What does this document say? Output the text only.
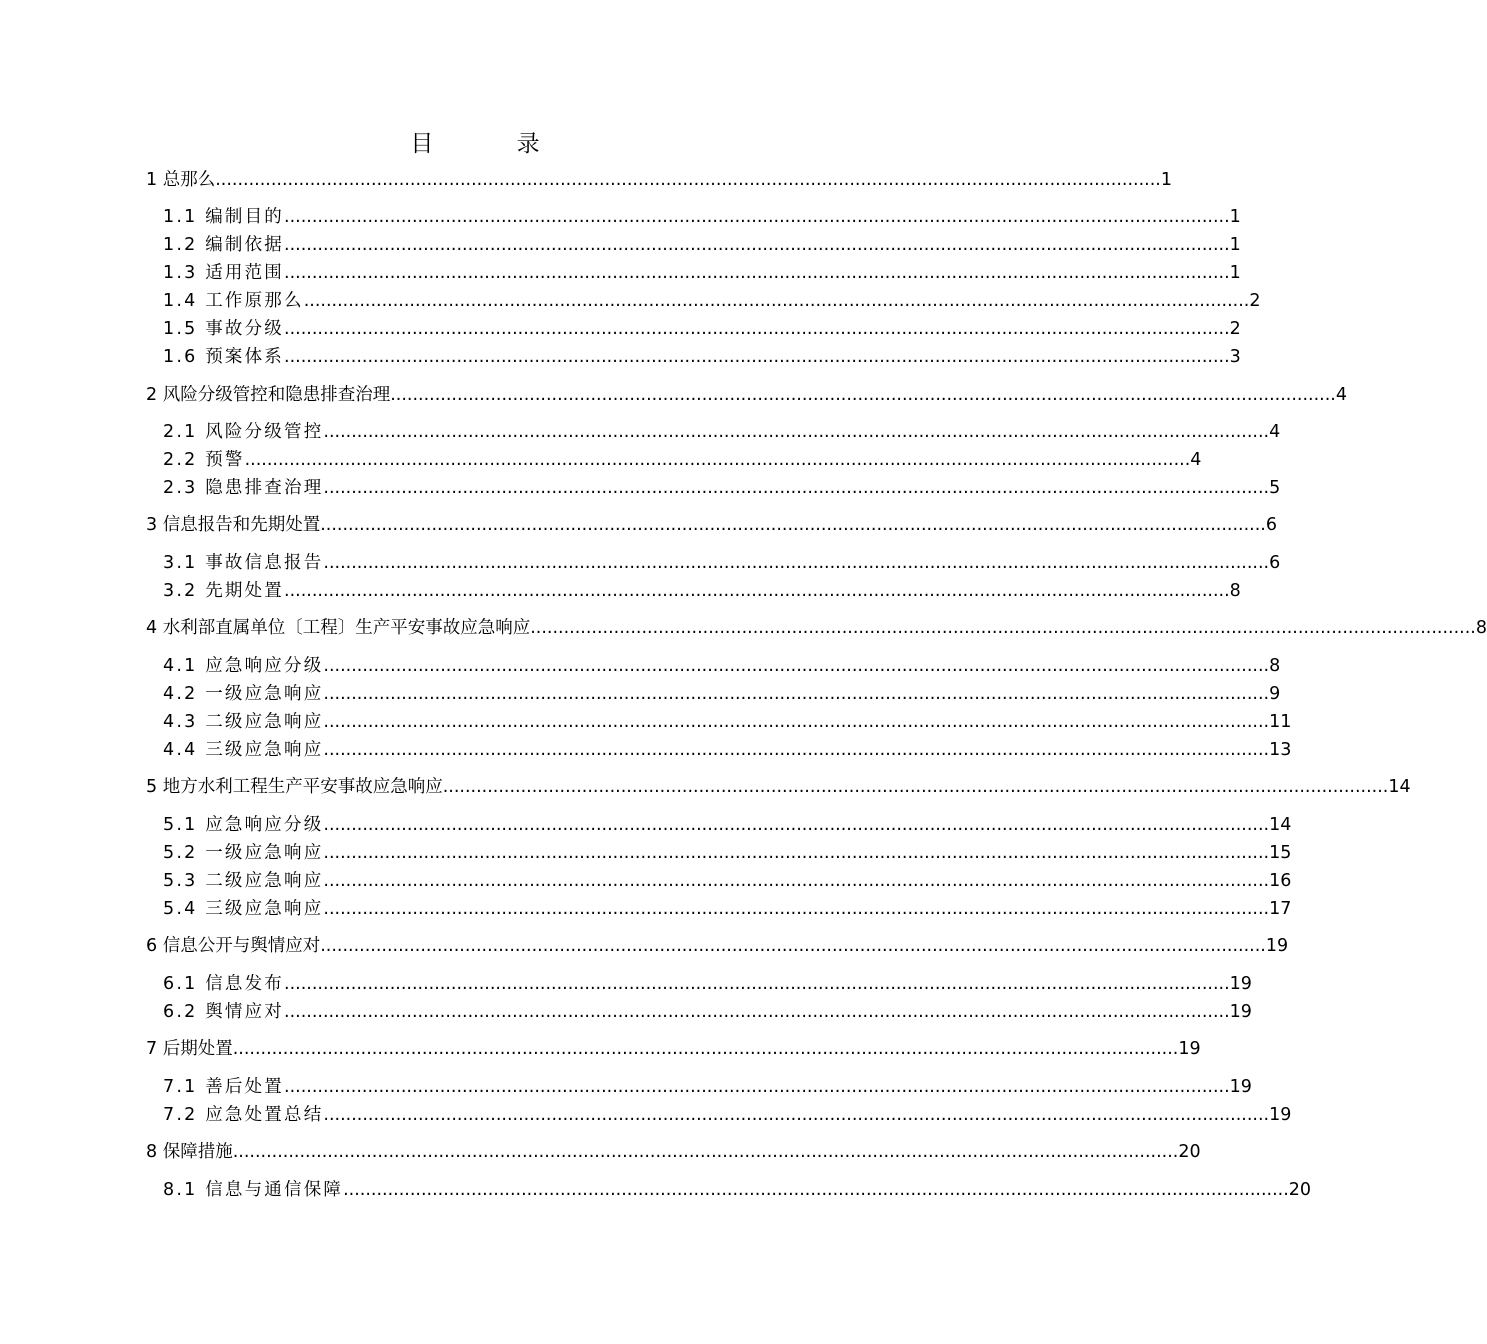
目 录
1 总那么 .......................................................................................................................................................................... 1
1.1 编制目的 .......................................................................................................................................................................... 1
1.2 编制依据 .......................................................................................................................................................................... 1
1.3 适用范围 .......................................................................................................................................................................... 1
1.4 工作原那么 .......................................................................................................................................................................... 2
1.5 事故分级 .......................................................................................................................................................................... 2
1.6 预案体系 .......................................................................................................................................................................... 3
2 风险分级管控和隐患排查治理 .......................................................................................................................................................................... 4
2.1 风险分级管控 .......................................................................................................................................................................... 4
2.2 预警 .......................................................................................................................................................................... 4
2.3 隐患排查治理 .......................................................................................................................................................................... 5
3 信息报告和先期处置 .......................................................................................................................................................................... 6
3.1 事故信息报告 .......................................................................................................................................................................... 6
3.2 先期处置 .......................................................................................................................................................................... 8
4 水利部直属单位〔工程〕生产平安事故应急响应 .......................................................................................................................................................................... 8
4.1 应急响应分级 .......................................................................................................................................................................... 8
4.2 一级应急响应 .......................................................................................................................................................................... 9
4.3 二级应急响应 .......................................................................................................................................................................... 11
4.4 三级应急响应 .......................................................................................................................................................................... 13
5 地方水利工程生产平安事故应急响应 .......................................................................................................................................................................... 14
5.1 应急响应分级 .......................................................................................................................................................................... 14
5.2 一级应急响应 .......................................................................................................................................................................... 15
5.3 二级应急响应 .......................................................................................................................................................................... 16
5.4 三级应急响应 .......................................................................................................................................................................... 17
6 信息公开与舆情应对 .......................................................................................................................................................................... 19
6.1 信息发布 .......................................................................................................................................................................... 19
6.2 舆情应对 .......................................................................................................................................................................... 19
7 后期处置 .......................................................................................................................................................................... 19
7.1 善后处置 .......................................................................................................................................................................... 19
7.2 应急处置总结 .......................................................................................................................................................................... 19
8 保障措施 .......................................................................................................................................................................... 20
8.1 信息与通信保障 .......................................................................................................................................................................... 20
